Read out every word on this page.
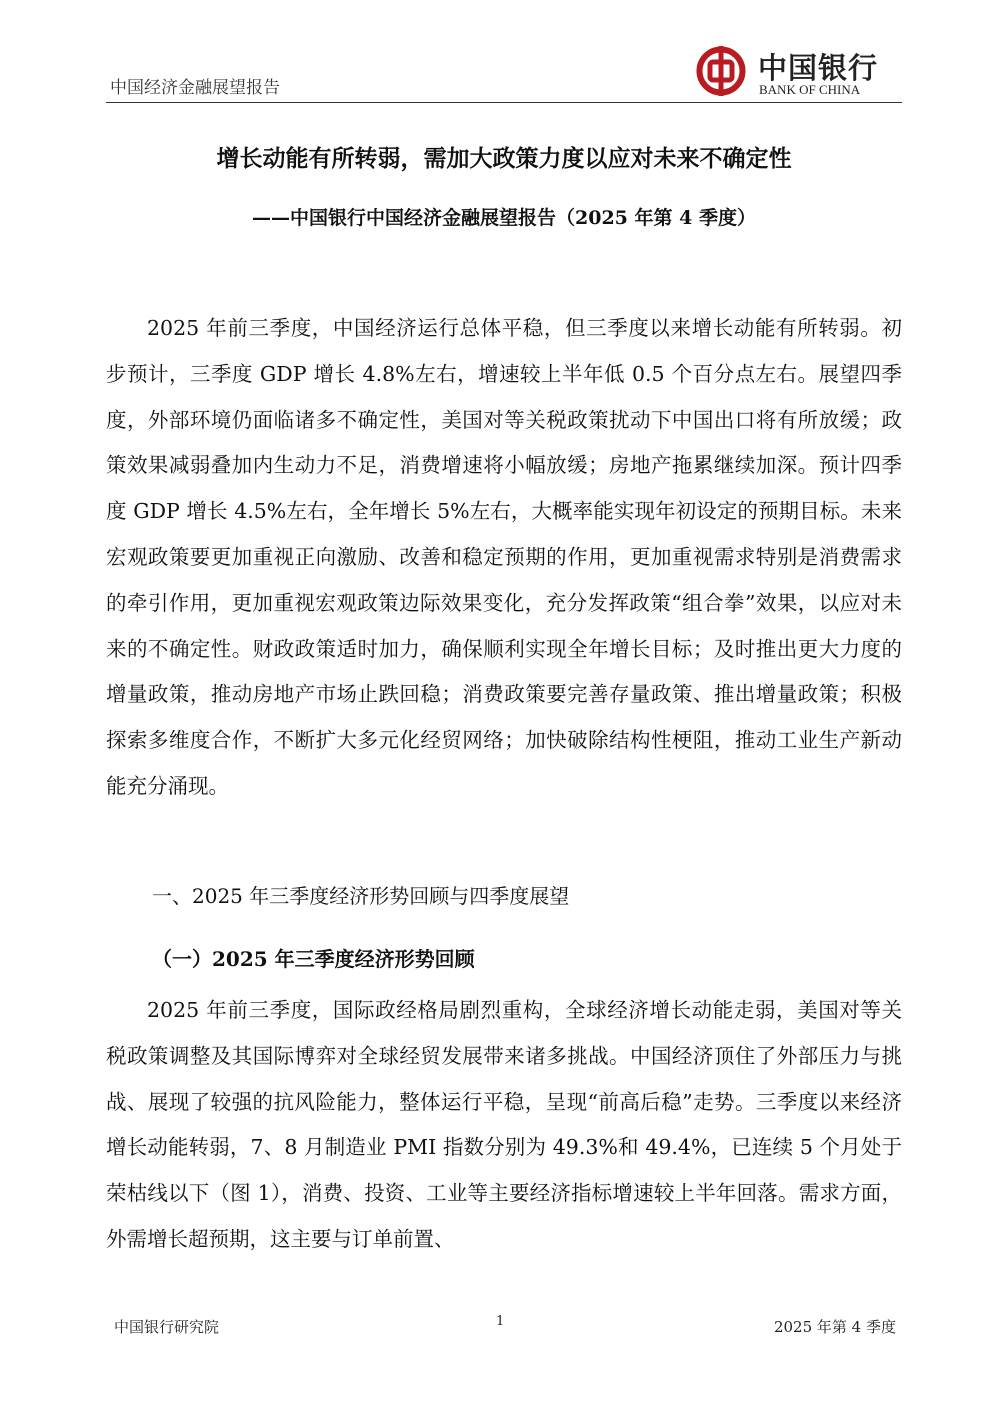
中国经济金融展望报告
中国银行
BANK OF CHINA
增长动能有所转弱，需加大政策力度以应对未来不确定性
——中国银行中国经济金融展望报告（2025 年第 4 季度）

2025 年前三季度，中国经济运行总体平稳，但三季度以来增长动能有所转弱。初步预计，三季度 GDP 增长 4.8%左右，增速较上半年低 0.5 个百分点左右。展望四季度，外部环境仍面临诸多不确定性，美国对等关税政策扰动下中国出口将有所放缓；政策效果减弱叠加内生动力不足，消费增速将小幅放缓；房地产拖累继续加深。预计四季度 GDP 增长 4.5%左右，全年增长 5%左右，大概率能实现年初设定的预期目标。未来宏观政策要更加重视正向激励、改善和稳定预期的作用，更加重视需求特别是消费需求的牵引作用，更加重视宏观政策边际效果变化，充分发挥政策“组合拳”效果，以应对未来的不确定性。财政政策适时加力，确保顺利实现全年增长目标；及时推出更大力度的增量政策，推动房地产市场止跌回稳；消费政策要完善存量政策、推出增量政策；积极探索多维度合作，不断扩大多元化经贸网络；加快破除结构性梗阻，推动工业生产新动能充分涌现。

一、2025 年三季度经济形势回顾与四季度展望
（一）2025 年三季度经济形势回顾

2025 年前三季度，国际政经格局剧烈重构，全球经济增长动能走弱，美国对等关税政策调整及其国际博弈对全球经贸发展带来诸多挑战。中国经济顶住了外部压力与挑战、展现了较强的抗风险能力，整体运行平稳，呈现“前高后稳”走势。三季度以来经济增长动能转弱，7、8 月制造业 PMI 指数分别为 49.3%和 49.4%，已连续 5 个月处于荣枯线以下（图 1），消费、投资、工业等主要经济指标增速较上半年回落。需求方面，外需增长超预期，这主要与订单前置、

中国银行研究院	1	2025 年第 4 季度
